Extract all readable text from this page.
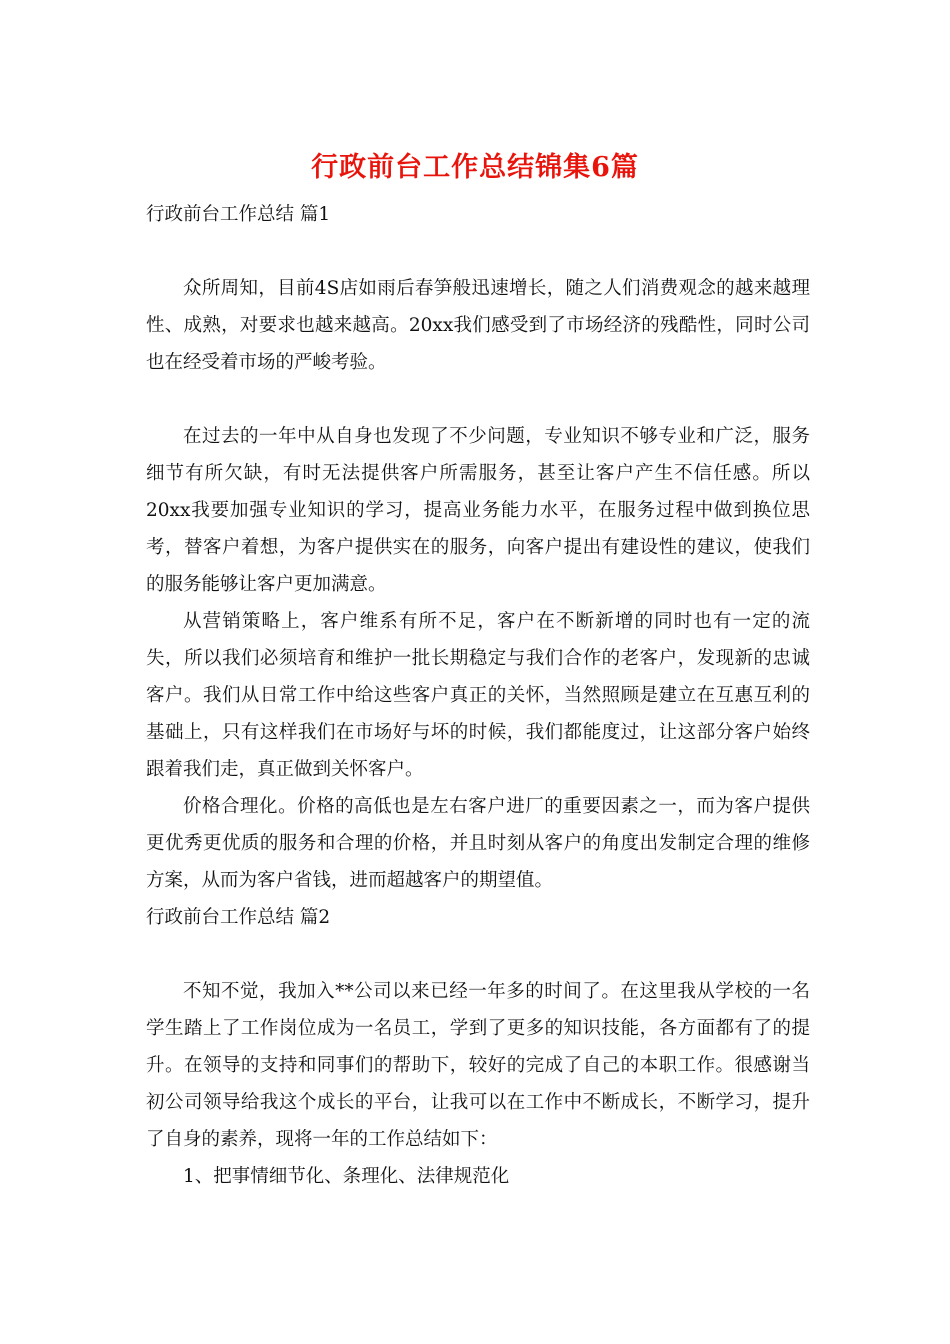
行政前台工作总结锦集6篇

行政前台工作总结 篇1

众所周知，目前4S店如雨后春笋般迅速增长，随之人们消费观念的越来越理性、成熟，对要求也越来越高。20xx我们感受到了市场经济的残酷性，同时公司也在经受着市场的严峻考验。

在过去的一年中从自身也发现了不少问题，专业知识不够专业和广泛，服务细节有所欠缺，有时无法提供客户所需服务，甚至让客户产生不信任感。所以20xx我要加强专业知识的学习，提高业务能力水平，在服务过程中做到换位思考，替客户着想，为客户提供实在的服务，向客户提出有建设性的建议，使我们的服务能够让客户更加满意。

从营销策略上，客户维系有所不足，客户在不断新增的同时也有一定的流失，所以我们必须培育和维护一批长期稳定与我们合作的老客户，发现新的忠诚客户。我们从日常工作中给这些客户真正的关怀，当然照顾是建立在互惠互利的基础上，只有这样我们在市场好与坏的时候，我们都能度过，让这部分客户始终跟着我们走，真正做到关怀客户。

价格合理化。价格的高低也是左右客户进厂的重要因素之一，而为客户提供更优秀更优质的服务和合理的价格，并且时刻从客户的角度出发制定合理的维修方案，从而为客户省钱，进而超越客户的期望值。

行政前台工作总结 篇2

不知不觉，我加入**公司以来已经一年多的时间了。在这里我从学校的一名学生踏上了工作岗位成为一名员工，学到了更多的知识技能，各方面都有了的提升。在领导的支持和同事们的帮助下，较好的完成了自己的本职工作。很感谢当初公司领导给我这个成长的平台，让我可以在工作中不断成长，不断学习，提升了自身的素养，现将一年的工作总结如下：

1、把事情细节化、条理化、法律规范化
